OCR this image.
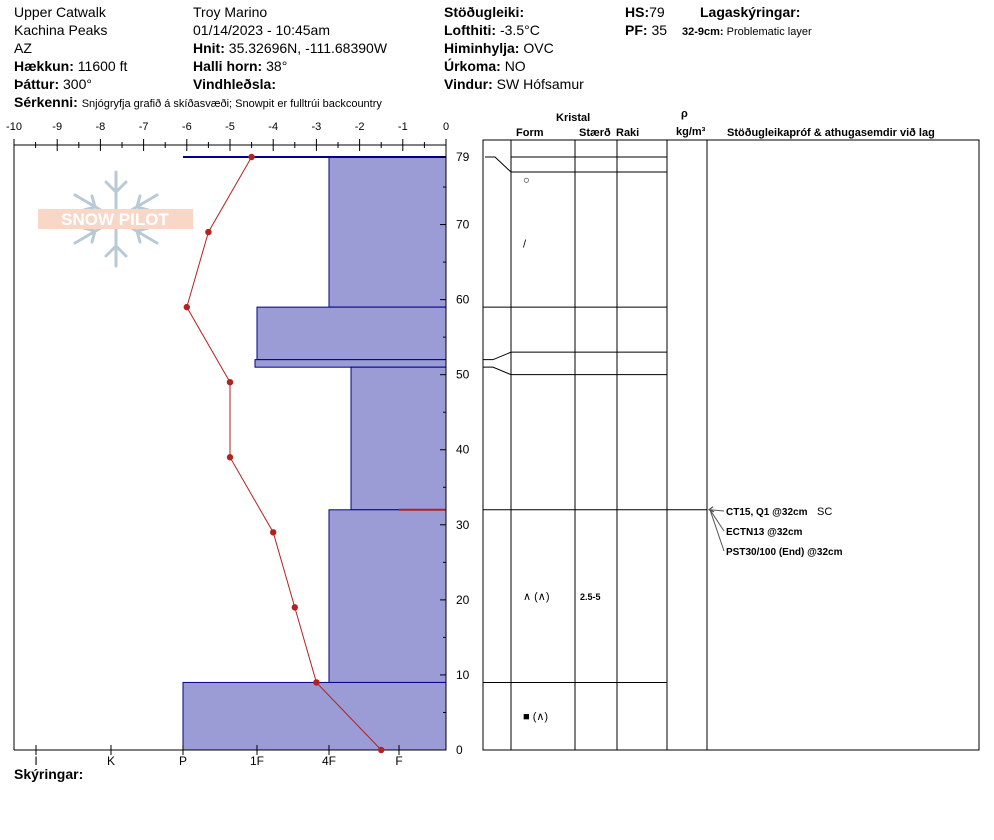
Upper Catwalk
Kachina Peaks
AZ
Hækkun: 11600 ft
Þáttur: 300°
Troy Marino
01/14/2023 - 10:45am
Hnit: 35.32696N, -111.68390W
Halli horn: 38°
Vindhleðsla:
Stöðugleiki:
Lofthiti: -3.5°C
Himinhylja: OVC
Úrkoma: NO
Vindur: SW Hófsamur
HS:79
PF: 35
Lagaskýringar:
32-9cm: Problematic layer
Sérkenni: Snjógryfja grafið á skíðasvæði; Snowpit er fulltrúi backcountry
Skýringar:
Kristal
Form	Stærð Raki
ρ
kg/m³ Stöðugleikapróf & athugasemdir við lag
SNOW PILOT
-10	-9	-8	-7	-6	-5	-4	-3	-2	-1	0
0
10
20
30
40
50
60
70
79
I	K	P	1F	4F	F
○
/
∧ (∧)	2.5-5
■ (∧)
CT15, Q1 @32cm SC
ECTN13 @32cm
PST30/100 (End) @32cm
